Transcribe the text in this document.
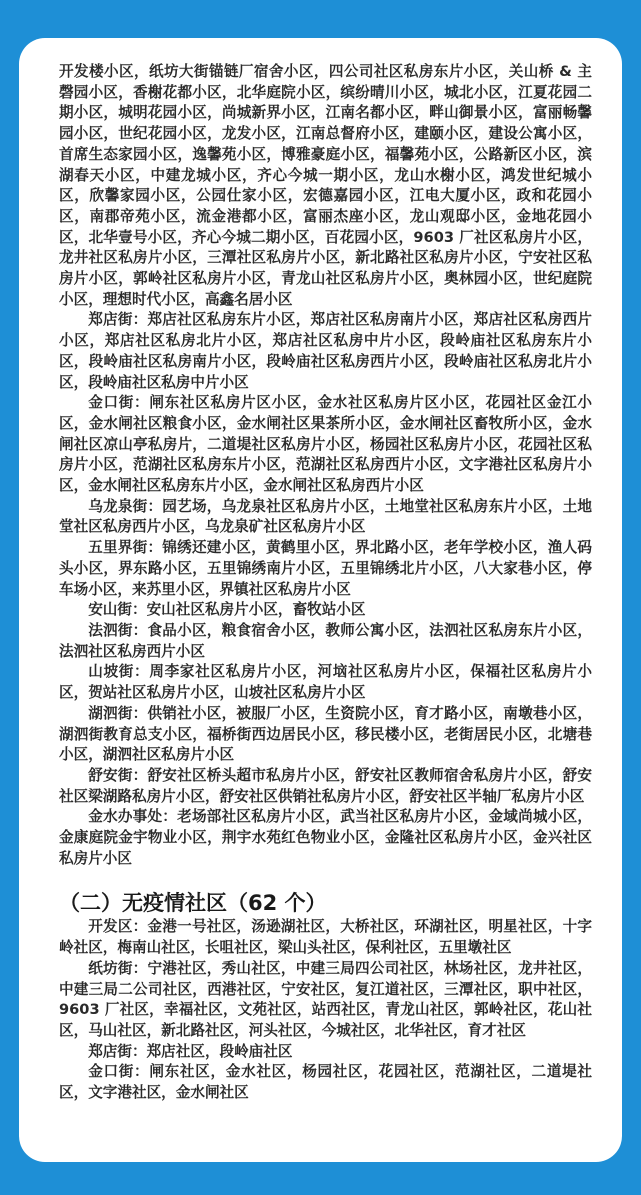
开发楼小区，纸坊大街锚链厂宿舍小区，四公司社区私房东片小区，关山桥 & 主磬园小区，香榭花都小区，北华庭院小区，缤纷晴川小区，城北小区，江夏花园二期小区，城明花园小区，尚城新界小区，江南名都小区，畔山御景小区，富丽畅馨园小区，世纪花园小区，龙发小区，江南总督府小区，建颐小区，建设公寓小区，首席生态家园小区，逸馨苑小区，博雅豪庭小区，福馨苑小区，公路新区小区，滨湖春天小区，中建龙城小区，齐心今城一期小区，龙山水榭小区，鸿发世纪城小区，欣馨家园小区，公园仕家小区，宏德嘉园小区，江电大厦小区，政和花园小区，南郡帝苑小区，流金港都小区，富丽杰座小区，龙山观邸小区，金地花园小区，北华壹号小区，齐心今城二期小区，百花园小区，9603 厂社区私房片小区，龙井社区私房片小区，三潭社区私房片小区，新北路社区私房片小区，宁安社区私房片小区，郭岭社区私房片小区，青龙山社区私房片小区，奥林园小区，世纪庭院小区，理想时代小区，高鑫名居小区

郑店街：郑店社区私房东片小区，郑店社区私房南片小区，郑店社区私房西片小区，郑店社区私房北片小区，郑店社区私房中片小区，段岭庙社区私房东片小区，段岭庙社区私房南片小区，段岭庙社区私房西片小区，段岭庙社区私房北片小区，段岭庙社区私房中片小区

金口街：闸东社区私房片区小区，金水社区私房片区小区，花园社区金江小区，金水闸社区粮食小区，金水闸社区果茶所小区，金水闸社区畜牧所小区，金水闸社区凉山亭私房片，二道堤社区私房片小区，杨园社区私房片小区，花园社区私房片小区，范湖社区私房东片小区，范湖社区私房西片小区，文字港社区私房片小区，金水闸社区私房东片小区，金水闸社区私房西片小区

乌龙泉街：园艺场，乌龙泉社区私房片小区，土地堂社区私房东片小区，土地堂社区私房西片小区，乌龙泉矿社区私房片小区

五里界街：锦绣还建小区，黄鹤里小区，界北路小区，老年学校小区，渔人码头小区，界东路小区，五里锦绣南片小区，五里锦绣北片小区，八大家巷小区，停车场小区，来苏里小区，界镇社区私房片小区

安山街：安山社区私房片小区，畜牧站小区

法泗街：食品小区，粮食宿舍小区，教师公寓小区，法泗社区私房东片小区，法泗社区私房西片小区

山坡街：周李家社区私房片小区，河垴社区私房片小区，保福社区私房片小区，贺站社区私房片小区，山坡社区私房片小区

湖泗街：供销社小区，被服厂小区，生资院小区，育才路小区，南墩巷小区，湖泗街教育总支小区，福桥街西边居民小区，移民楼小区，老街居民小区，北塘巷小区，湖泗社区私房片小区

舒安街：舒安社区桥头超市私房片小区，舒安社区教师宿舍私房片小区，舒安社区梁湖路私房片小区，舒安社区供销社私房片小区，舒安社区半轴厂私房片小区

金水办事处：老场部社区私房片小区，武当社区私房片小区，金域尚城小区，金康庭院金宇物业小区，荆宇水苑红色物业小区，金隆社区私房片小区，金兴社区私房片小区

（二）无疫情社区（62 个）

开发区：金港一号社区，汤逊湖社区，大桥社区，环湖社区，明星社区，十字岭社区，梅南山社区，长咀社区，梁山头社区，保利社区，五里墩社区

纸坊街：宁港社区，秀山社区，中建三局四公司社区，林场社区，龙井社区，中建三局二公司社区，西港社区，宁安社区，复江道社区，三潭社区，职中社区，9603 厂社区，幸福社区，文苑社区，站西社区，青龙山社区，郭岭社区，花山社区，马山社区，新北路社区，河头社区，今城社区，北华社区，育才社区

郑店街：郑店社区，段岭庙社区

金口街：闸东社区，金水社区，杨园社区，花园社区，范湖社区，二道堤社区，文字港社区，金水闸社区
